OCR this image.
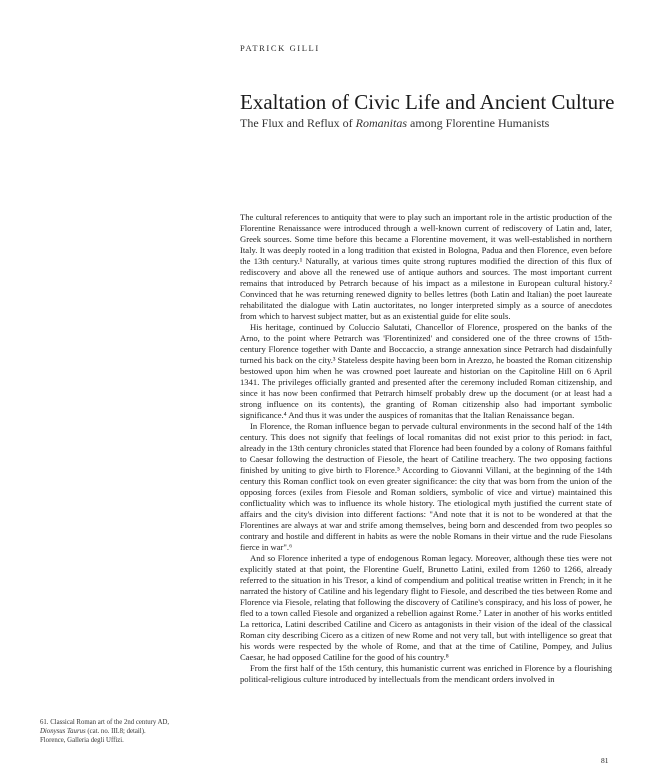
PATRICK GILLI
Exaltation of Civic Life and Ancient Culture
The Flux and Reflux of Romanitas among Florentine Humanists

The cultural references to antiquity that were to play such an important role in the artistic production of the Florentine Renaissance were introduced through a well-known current of rediscovery of Latin and, later, Greek sources. Some time before this became a Florentine movement, it was well-established in northern Italy. It was deeply rooted in a long tradition that existed in Bologna, Padua and then Florence, even before the 13th century.¹ Naturally, at various times quite strong ruptures modified the direction of this flux of rediscovery and above all the renewed use of antique authors and sources. The most important current remains that introduced by Petrarch because of his impact as a milestone in European cultural history.² Convinced that he was returning renewed dignity to belles lettres (both Latin and Italian) the poet laureate rehabilitated the dialogue with Latin auctoritates, no longer interpreted simply as a source of anecdotes from which to harvest subject matter, but as an existential guide for elite souls.

His heritage, continued by Coluccio Salutati, Chancellor of Florence, prospered on the banks of the Arno, to the point where Petrarch was 'Florentinized' and considered one of the three crowns of 15th-century Florence together with Dante and Boccaccio, a strange annexation since Petrarch had disdainfully turned his back on the city.³ Stateless despite having been born in Arezzo, he boasted the Roman citizenship bestowed upon him when he was crowned poet laureate and historian on the Capitoline Hill on 6 April 1341. The privileges officially granted and presented after the ceremony included Roman citizenship, and since it has now been confirmed that Petrarch himself probably drew up the document (or at least had a strong influence on its contents), the granting of Roman citizenship also had important symbolic significance.⁴ And thus it was under the auspices of romanitas that the Italian Renaissance began.

In Florence, the Roman influence began to pervade cultural environments in the second half of the 14th century. This does not signify that feelings of local romanitas did not exist prior to this period: in fact, already in the 13th century chronicles stated that Florence had been founded by a colony of Romans faithful to Caesar following the destruction of Fiesole, the heart of Catiline treachery. The two opposing factions finished by uniting to give birth to Florence.⁵ According to Giovanni Villani, at the beginning of the 14th century this Roman conflict took on even greater significance: the city that was born from the union of the opposing forces (exiles from Fiesole and Roman soldiers, symbolic of vice and virtue) maintained this conflictuality which was to influence its whole history. The etiological myth justified the current state of affairs and the city's division into different factions: "And note that it is not to be wondered at that the Florentines are always at war and strife among themselves, being born and descended from two peoples so contrary and hostile and different in habits as were the noble Romans in their virtue and the rude Fiesolans fierce in war".⁶

And so Florence inherited a type of endogenous Roman legacy. Moreover, although these ties were not explicitly stated at that point, the Florentine Guelf, Brunetto Latini, exiled from 1260 to 1266, already referred to the situation in his Tresor, a kind of compendium and political treatise written in French; in it he narrated the history of Catiline and his legendary flight to Fiesole, and described the ties between Rome and Florence via Fiesole, relating that following the discovery of Catiline's conspiracy, and his loss of power, he fled to a town called Fiesole and organized a rebellion against Rome.⁷ Later in another of his works entitled La rettorica, Latini described Catiline and Cicero as antagonists in their vision of the ideal of the classical Roman city describing Cicero as a citizen of new Rome and not very tall, but with intelligence so great that his words were respected by the whole of Rome, and that at the time of Catiline, Pompey, and Julius Caesar, he had opposed Catiline for the good of his country.⁸

From the first half of the 15th century, this humanistic current was enriched in Florence by a flourishing political-religious culture introduced by intellectuals from the mendicant orders involved in

61. Classical Roman art of the 2nd century AD,
Dionysus Taurus (cat. no. III.8; detail).
Florence, Galleria degli Uffizi.
81
